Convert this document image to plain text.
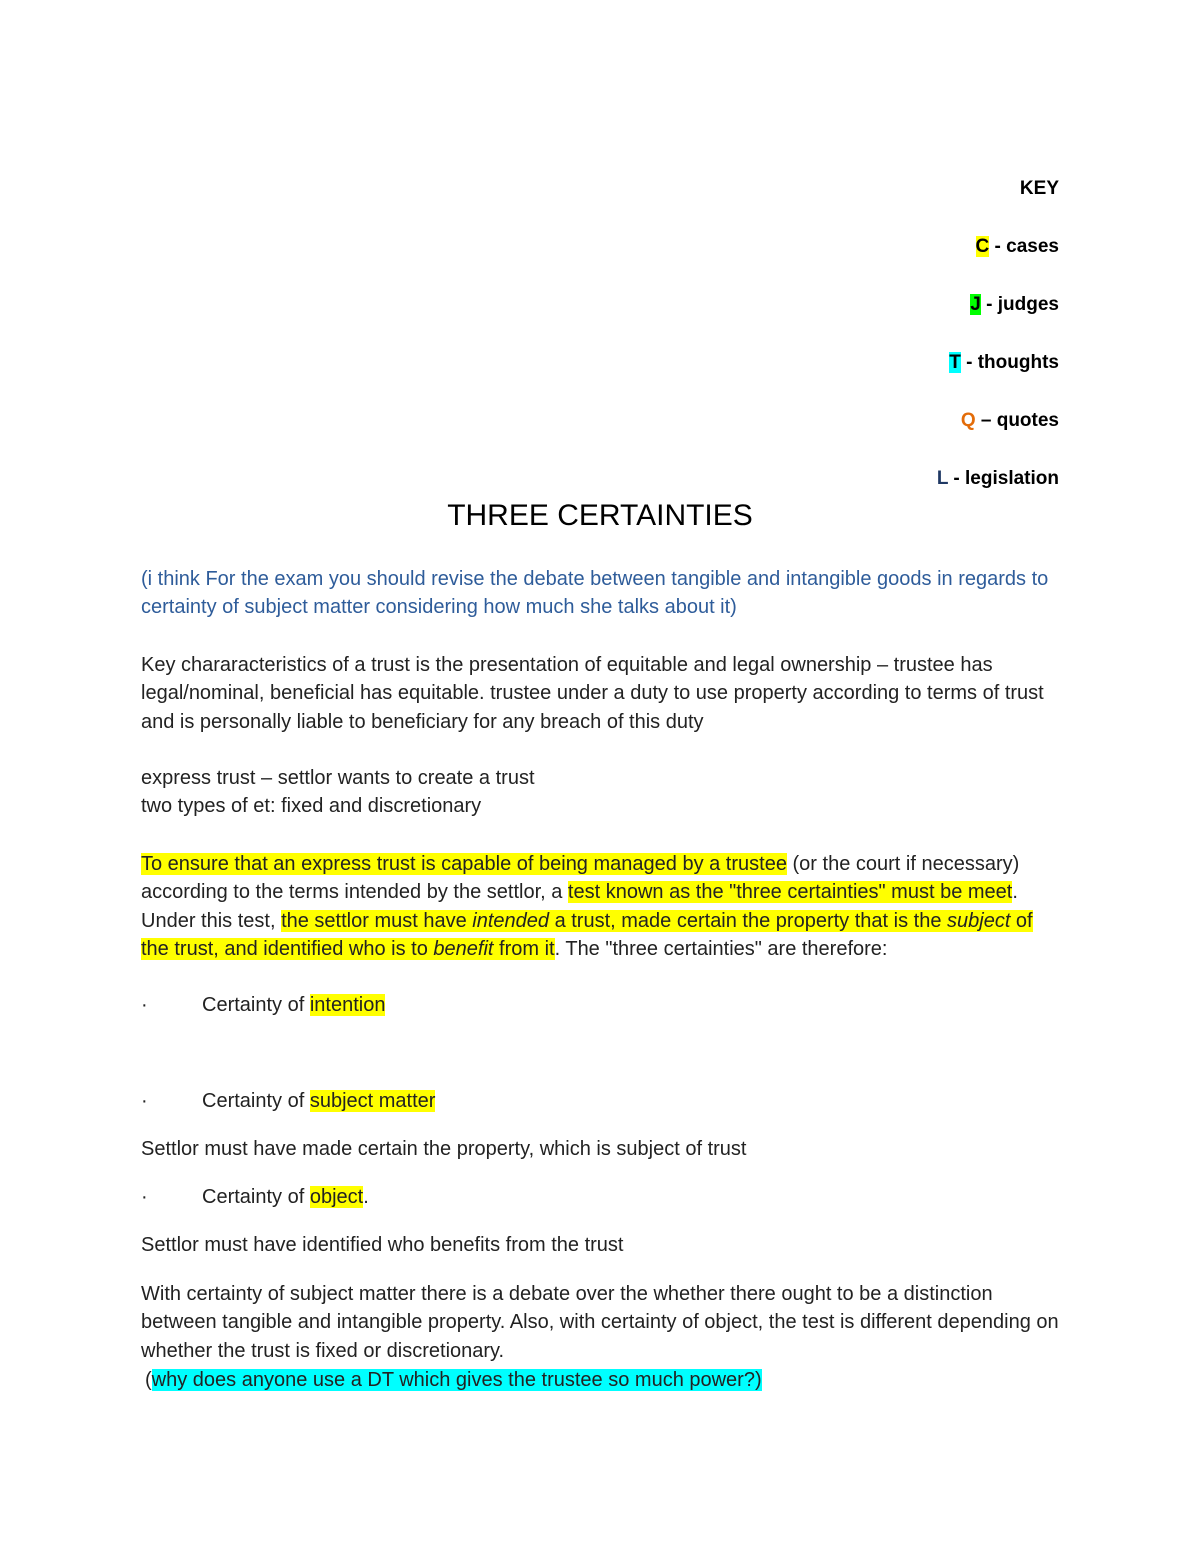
KEY
C - cases
J - judges
T - thoughts
Q – quotes
L - legislation
THREE CERTAINTIES
(i think For the exam you should revise the debate between tangible and intangible goods in regards to certainty of subject matter considering how much she talks about it)
Key chararacteristics of a trust is the presentation of equitable and legal ownership – trustee has legal/nominal, beneficial has equitable. trustee under a duty to use property according to terms of trust and is personally liable to beneficiary for any breach of this duty
express trust – settlor wants to create a trust
two types of et: fixed and discretionary
To ensure that an express trust is capable of being managed by a trustee (or the court if necessary) according to the terms intended by the settlor, a test known as the "three certainties" must be meet. Under this test, the settlor must have intended a trust, made certain the property that is the subject of the trust, and identified who is to benefit from it. The "three certainties" are therefore:
·	Certainty of intention
·	Certainty of subject matter
Settlor must have made certain the property, which is subject of trust
·	Certainty of object.
Settlor must have identified who benefits from the trust
With certainty of subject matter there is a debate over the whether there ought to be a distinction between tangible and intangible property. Also, with certainty of object, the test is different depending on whether the trust is fixed or discretionary.
(why does anyone use a DT which gives the trustee so much power?)
